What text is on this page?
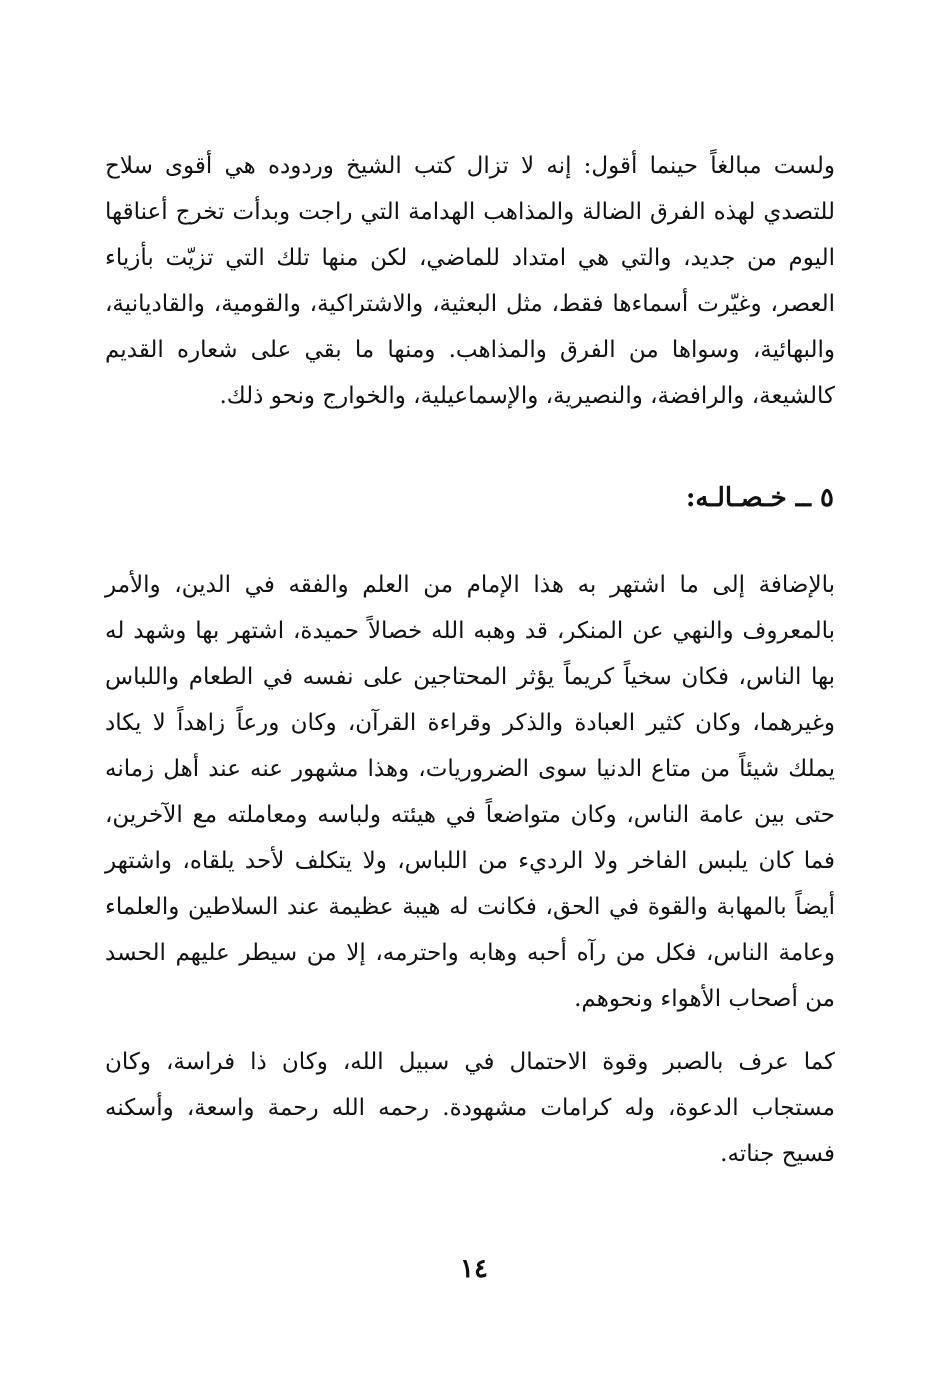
ولست مبالغاً حينما أقول: إنه لا تزال كتب الشيخ وردوده هي أقوى سلاح للتصدي لهذه الفرق الضالة والمذاهب الهدامة التي راجت وبدأت تخرج أعناقها اليوم من جديد، والتي هي امتداد للماضي، لكن منها تلك التي تزيّت بأزياء العصر، وغيّرت أسماءها فقط، مثل البعثية، والاشتراكية، والقومية، والقاديانية، والبهائية، وسواها من الفرق والمذاهب. ومنها ما بقي على شعاره القديم كالشيعة، والرافضة، والنصيرية، والإسماعيلية، والخوارج ونحو ذلك.

٥ ــ خـصـالـه:

بالإضافة إلى ما اشتهر به هذا الإمام من العلم والفقه في الدين، والأمر بالمعروف والنهي عن المنكر، قد وهبه الله خصالاً حميدة، اشتهر بها وشهد له بها الناس، فكان سخياً كريماً يؤثر المحتاجين على نفسه في الطعام واللباس وغيرهما، وكان كثير العبادة والذكر وقراءة القرآن، وكان ورعاً زاهداً لا يكاد يملك شيئاً من متاع الدنيا سوى الضروريات، وهذا مشهور عنه عند أهل زمانه حتى بين عامة الناس، وكان متواضعاً في هيئته ولباسه ومعاملته مع الآخرين، فما كان يلبس الفاخر ولا الرديء من اللباس، ولا يتكلف لأحد يلقاه، واشتهر أيضاً بالمهابة والقوة في الحق، فكانت له هيبة عظيمة عند السلاطين والعلماء وعامة الناس، فكل من رآه أحبه وهابه واحترمه، إلا من سيطر عليهم الحسد من أصحاب الأهواء ونحوهم.

كما عرف بالصبر وقوة الاحتمال في سبيل الله، وكان ذا فراسة، وكان مستجاب الدعوة، وله كرامات مشهودة. رحمه الله رحمة واسعة، وأسكنه فسيح جناته.

١٤
